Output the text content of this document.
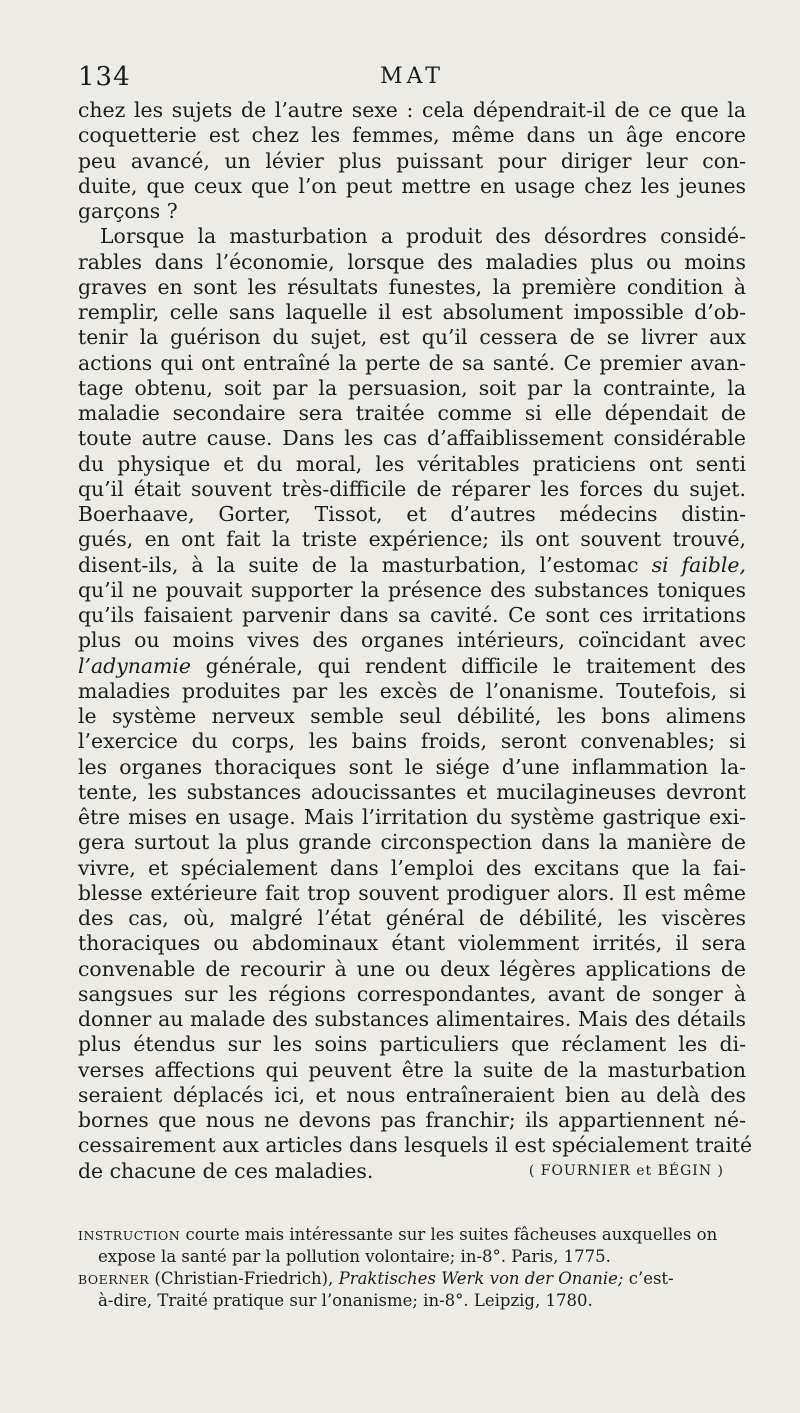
134	MAT
chez les sujets de l’autre sexe : cela dépendrait-il de ce que la
coquetterie est chez les femmes, même dans un âge encore
peu avancé, un lévier plus puissant pour diriger leur con-
duite, que ceux que l’on peut mettre en usage chez les jeunes
garçons ?
Lorsque la masturbation a produit des désordres considé-
rables dans l’économie, lorsque des maladies plus ou moins
graves en sont les résultats funestes, la première condition à
remplir, celle sans laquelle il est absolument impossible d’ob-
tenir la guérison du sujet, est qu’il cessera de se livrer aux
actions qui ont entraîné la perte de sa santé. Ce premier avan-
tage obtenu, soit par la persuasion, soit par la contrainte, la
maladie secondaire sera traitée comme si elle dépendait de
toute autre cause. Dans les cas d’affaiblissement considérable
du physique et du moral, les véritables praticiens ont senti
qu’il était souvent très-difficile de réparer les forces du sujet.
Boerhaave, Gorter, Tissot, et d’autres médecins distin-
gués, en ont fait la triste expérience; ils ont souvent trouvé,
disent-ils, à la suite de la masturbation, l’estomac si faible,
qu’il ne pouvait supporter la présence des substances toniques
qu’ils faisaient parvenir dans sa cavité. Ce sont ces irritations
plus ou moins vives des organes intérieurs, coïncidant avec
l’adynamie générale, qui rendent difficile le traitement des
maladies produites par les excès de l’onanisme. Toutefois, si
le système nerveux semble seul débilité, les bons alimens
l’exercice du corps, les bains froids, seront convenables; si
les organes thoraciques sont le siége d’une inflammation la-
tente, les substances adoucissantes et mucilagineuses devront
être mises en usage. Mais l’irritation du système gastrique exi-
gera surtout la plus grande circonspection dans la manière de
vivre, et spécialement dans l’emploi des excitans que la fai-
blesse extérieure fait trop souvent prodiguer alors. Il est même
des cas, où, malgré l’état général de débilité, les viscères
thoraciques ou abdominaux étant violemment irrités, il sera
convenable de recourir à une ou deux légères applications de
sangsues sur les régions correspondantes, avant de songer à
donner au malade des substances alimentaires. Mais des détails
plus étendus sur les soins particuliers que réclament les di-
verses affections qui peuvent être la suite de la masturbation
seraient déplacés ici, et nous entraîneraient bien au delà des
bornes que nous ne devons pas franchir; ils appartiennent né-
cessairement aux articles dans lesquels il est spécialement traité
de chacune de ces maladies.	( FOURNIER et BÉGIN )
INSTRUCTION courte mais intéressante sur les suites fâcheuses auxquelles on
expose la santé par la pollution volontaire; in-8°. Paris, 1775.
BOERNER (Christian-Friedrich), Praktisches Werk von der Onanie; c’est-
à-dire, Traité pratique sur l’onanisme; in-8°. Leipzig, 1780.
